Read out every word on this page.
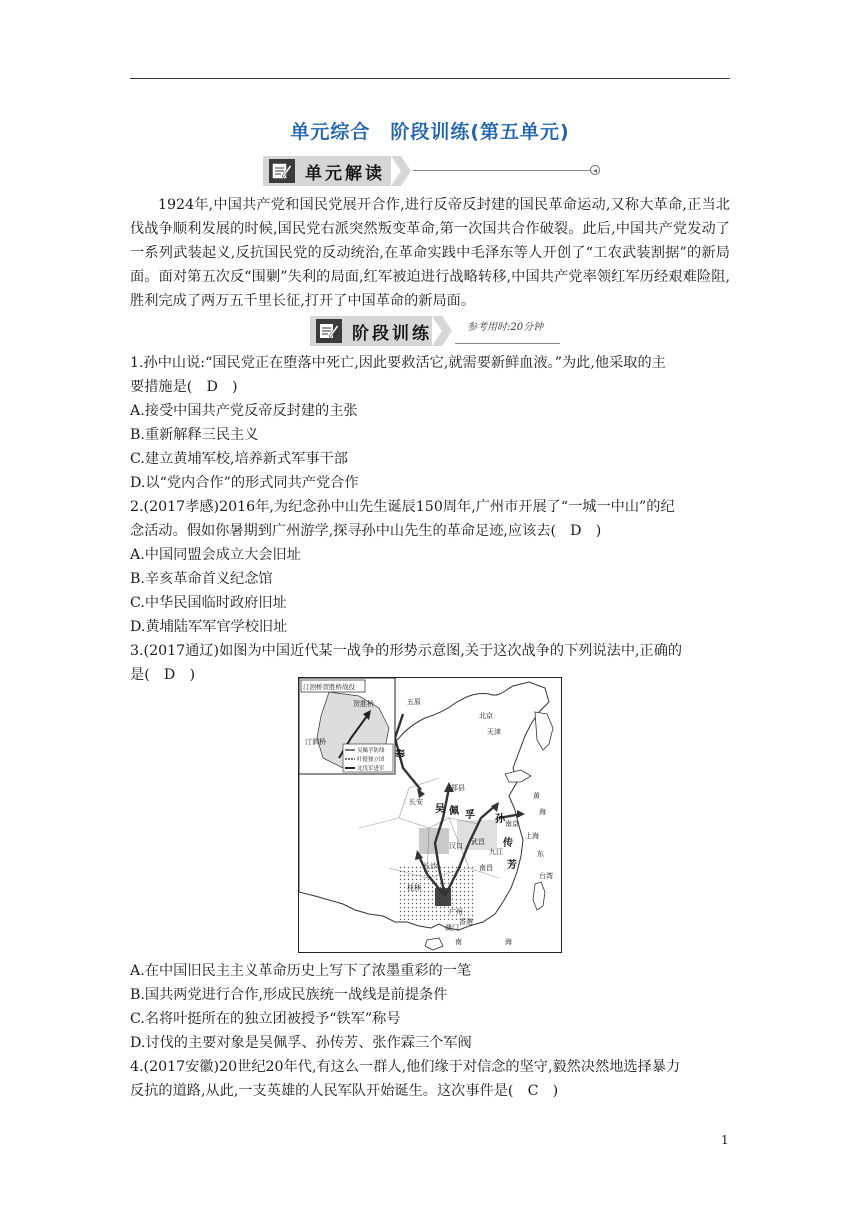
单元综合　阶段训练(第五单元)
单元解读	◂
1924年,中国共产党和国民党展开合作,进行反帝反封建的国民革命运动,又称大革命,正当北伐战争顺利发展的时候,国民党右派突然叛变革命,第一次国共合作破裂。此后,中国共产党发动了一系列武装起义,反抗国民党的反动统治,在革命实践中毛泽东等人开创了“工农武装割据”的新局面。面对第五次反“围剿”失利的局面,红军被迫进行战略转移,中国共产党率领红军历经艰难险阻,胜利完成了两万五千里长征,打开了中国革命的新局面。
阶段训练	参考用时:20分钟
1.孙中山说:“国民党正在堕落中死亡,因此要救活它,就需要新鲜血液。”为此,他采取的主
要措施是(　D　)
A.接受中国共产党反帝反封建的主张
B.重新解释三民主义
C.建立黄埔军校,培养新式军事干部
D.以“党内合作”的形式同共产党合作
2.(2017孝感)2016年,为纪念孙中山先生诞辰150周年,广州市开展了“一城一中山”的纪
念活动。假如你暑期到广州游学,探寻孙中山先生的革命足迹,应该去(　D　)
A.中国同盟会成立大会旧址
B.辛亥革命首义纪念馆
C.中华民国临时政府旧址
D.黄埔陆军军官学校旧址
3.(2017通辽)如图为中国近代某一战争的形势示意图,关于这次战争的下列说法中,正确的
是(　D　)
汀泗桥贺胜桥战役
贺胜桥
汀泗桥
吴佩孚防线
叶挺独立团
北伐军进军
五原
北京
天津
长安
郑县
南京
上海
汉口 武昌
九江
长沙	南昌
桂林
广州
香港
澳门
台湾
吴 佩 孚 孙
传
芳
奉
黄
海
东
南	海
A.在中国旧民主主义革命历史上写下了浓墨重彩的一笔
B.国共两党进行合作,形成民族统一战线是前提条件
C.名将叶挺所在的独立团被授予“铁军”称号
D.讨伐的主要对象是吴佩孚、孙传芳、张作霖三个军阀
4.(2017安徽)20世纪20年代,有这么一群人,他们缘于对信念的坚守,毅然决然地选择暴力
反抗的道路,从此,一支英雄的人民军队开始诞生。这次事件是(　C　)
1
